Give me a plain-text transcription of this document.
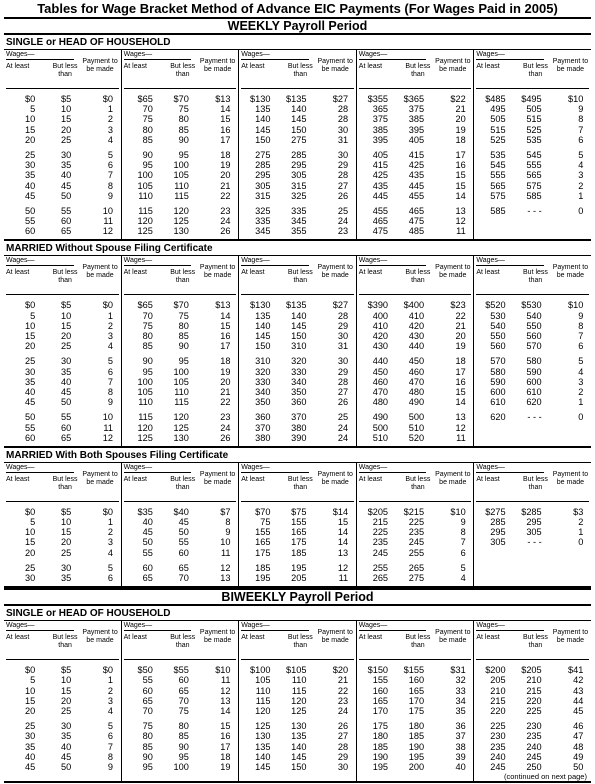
Tables for Wage Bracket Method of Advance EIC Payments (For Wages Paid in 2005)
WEEKLY Payroll Period
SINGLE or HEAD OF HOUSEHOLD
Wages—
At least	But less than
Payment to be made
$0	$5	$0
5	10	1
10	15	2
15	20	3
20	25	4
25	30	5
30	35	6
35	40	7
40	45	8
45	50	9
50	55	10
55	60	11
60	65	12
Wages—
At least	But less than
Payment to be made
$65	$70	$13
70	75	14
75	80	15
80	85	16
85	90	17
90	95	18
95	100	19
100	105	20
105	110	21
110	115	22
115	120	23
120	125	24
125	130	26
Wages—
At least	But less than
Payment to be made
$130	$135	$27
135	140	28
140	145	28
145	150	30
150	275	31
275	285	30
285	295	29
295	305	28
305	315	27
315	325	26
325	335	25
335	345	24
345	355	23
Wages—
At least	But less than
Payment to be made
$355	$365	$22
365	375	21
375	385	20
385	395	19
395	405	18
405	415	17
415	425	16
425	435	15
435	445	15
445	455	14
455	465	13
465	475	12
475	485	11
Wages—
At least	But less than
Payment to be made
$485	$495	$10
495	505	9
505	515	8
515	525	7
525	535	6
535	545	5
545	555	4
555	565	3
565	575	2
575	585	1
585	- - -	0
MARRIED Without Spouse Filing Certificate
Wages—
At least	But less than
Payment to be made
$0	$5	$0
5	10	1
10	15	2
15	20	3
20	25	4
25	30	5
30	35	6
35	40	7
40	45	8
45	50	9
50	55	10
55	60	11
60	65	12
Wages—
At least	But less than
Payment to be made
$65	$70	$13
70	75	14
75	80	15
80	85	16
85	90	17
90	95	18
95	100	19
100	105	20
105	110	21
110	115	22
115	120	23
120	125	24
125	130	26
Wages—
At least	But less than
Payment to be made
$130	$135	$27
135	140	28
140	145	29
145	150	30
150	310	31
310	320	30
320	330	29
330	340	28
340	350	27
350	360	26
360	370	25
370	380	24
380	390	24
Wages—
At least	But less than
Payment to be made
$390	$400	$23
400	410	22
410	420	21
420	430	20
430	440	19
440	450	18
450	460	17
460	470	16
470	480	15
480	490	14
490	500	13
500	510	12
510	520	11
Wages—
At least	But less than
Payment to be made
$520	$530	$10
530	540	9
540	550	8
550	560	7
560	570	6
570	580	5
580	590	4
590	600	3
600	610	2
610	620	1
620	- - -	0
MARRIED With Both Spouses Filing Certificate
Wages—
At least	But less than
Payment to be made
$0	$5	$0
5	10	1
10	15	2
15	20	3
20	25	4
25	30	5
30	35	6
Wages—
At least	But less than
Payment to be made
$35	$40	$7
40	45	8
45	50	9
50	55	10
55	60	11
60	65	12
65	70	13
Wages—
At least	But less than
Payment to be made
$70	$75	$14
75	155	15
155	165	14
165	175	14
175	185	13
185	195	12
195	205	11
Wages—
At least	But less than
Payment to be made
$205	$215	$10
215	225	9
225	235	8
235	245	7
245	255	6
255	265	5
265	275	4
Wages—
At least	But less than
Payment to be made
$275	$285	$3
285	295	2
295	305	1
305	- - -	0
BIWEEKLY Payroll Period
SINGLE or HEAD OF HOUSEHOLD
Wages—
At least	But less than
Payment to be made
$0	$5	$0
5	10	1
10	15	2
15	20	3
20	25	4
25	30	5
30	35	6
35	40	7
40	45	8
45	50	9
Wages—
At least	But less than
Payment to be made
$50	$55	$10
55	60	11
60	65	12
65	70	13
70	75	14
75	80	15
80	85	16
85	90	17
90	95	18
95	100	19
Wages—
At least	But less than
Payment to be made
$100	$105	$20
105	110	21
110	115	22
115	120	23
120	125	24
125	130	26
130	135	27
135	140	28
140	145	29
145	150	30
Wages—
At least	But less than
Payment to be made
$150	$155	$31
155	160	32
160	165	33
165	170	34
170	175	35
175	180	36
180	185	37
185	190	38
190	195	39
195	200	40
Wages—
At least	But less than
Payment to be made
$200	$205	$41
205	210	42
210	215	43
215	220	44
220	225	45
225	230	46
230	235	47
235	240	48
240	245	49
245	250	50
(continued on next page)
